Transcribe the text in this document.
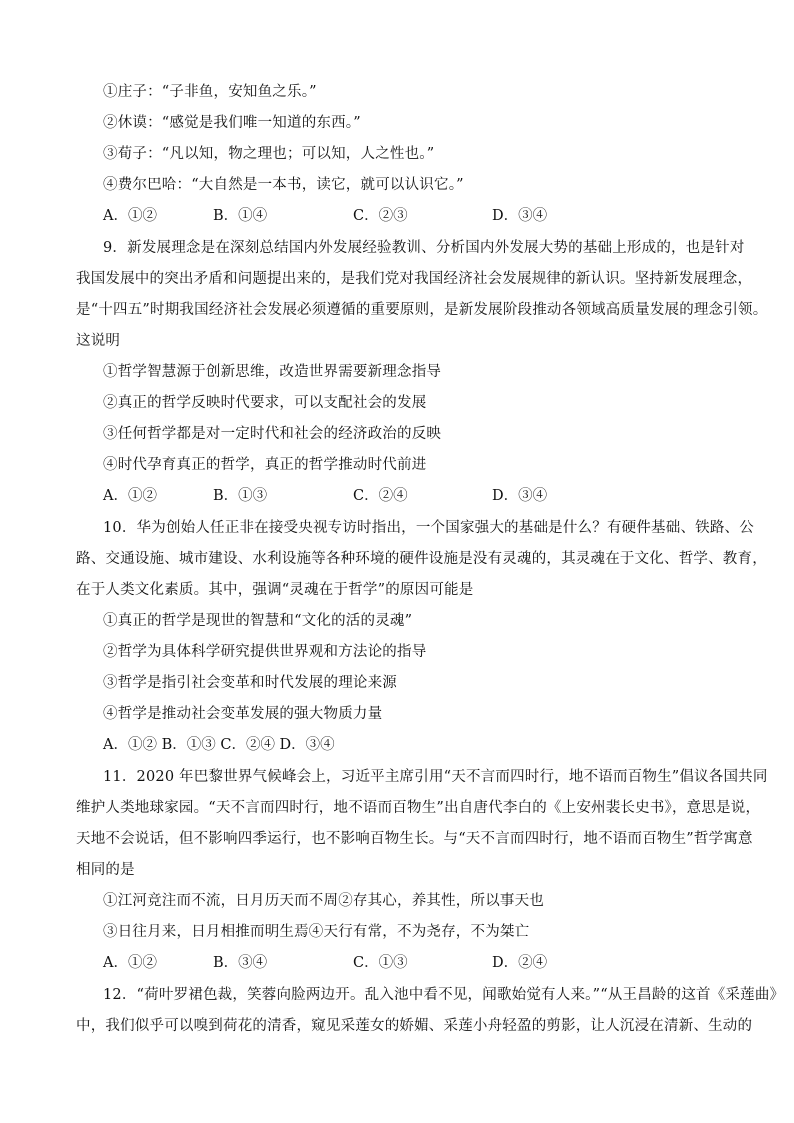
①庄子：“子非鱼，安知鱼之乐。”
②休谟：“感觉是我们唯一知道的东西。”
③荀子：“凡以知，物之理也；可以知，人之性也。”
④费尔巴哈：“大自然是一本书，读它，就可以认识它。”
A．①②	B．①④	C．②③	D．③④
9．新发展理念是在深刻总结国内外发展经验教训、分析国内外发展大势的基础上形成的，也是针对
我国发展中的突出矛盾和问题提出来的，是我们党对我国经济社会发展规律的新认识。坚持新发展理念，
是“十四五”时期我国经济社会发展必须遵循的重要原则，是新发展阶段推动各领域高质量发展的理念引领。
这说明
①哲学智慧源于创新思维，改造世界需要新理念指导
②真正的哲学反映时代要求，可以支配社会的发展
③任何哲学都是对一定时代和社会的经济政治的反映
④时代孕育真正的哲学，真正的哲学推动时代前进
A．①②	B．①③	C．②④	D．③④
10．华为创始人任正非在接受央视专访时指出，一个国家强大的基础是什么？有硬件基础、铁路、公
路、交通设施、城市建设、水利设施等各种环境的硬件设施是没有灵魂的，其灵魂在于文化、哲学、教育，
在于人类文化素质。其中，强调“灵魂在于哲学”的原因可能是
①真正的哲学是现世的智慧和“文化的活的灵魂”
②哲学为具体科学研究提供世界观和方法论的指导
③哲学是指引社会变革和时代发展的理论来源
④哲学是推动社会变革发展的强大物质力量
A．①② B．①③ C．②④ D．③④
11．2020 年巴黎世界气候峰会上，习近平主席引用“天不言而四时行，地不语而百物生”倡议各国共同
维护人类地球家园。“天不言而四时行，地不语而百物生”出自唐代李白的《上安州裴长史书》，意思是说，
天地不会说话，但不影响四季运行，也不影响百物生长。与“天不言而四时行，地不语而百物生”哲学寓意
相同的是
①江河竞注而不流，日月历天而不周②存其心，养其性，所以事天也
③日往月来，日月相推而明生焉④天行有常，不为尧存，不为桀亡
A．①②	B．③④	C．①③	D．②④
12．“荷叶罗裙色裁，笑蓉向脸两边开。乱入池中看不见，闻歌始觉有人来。”“从王昌龄的这首《采莲曲》
中，我们似乎可以嗅到荷花的清香，窥见采莲女的娇媚、采莲小舟轻盈的剪影，让人沉浸在清新、生动的
